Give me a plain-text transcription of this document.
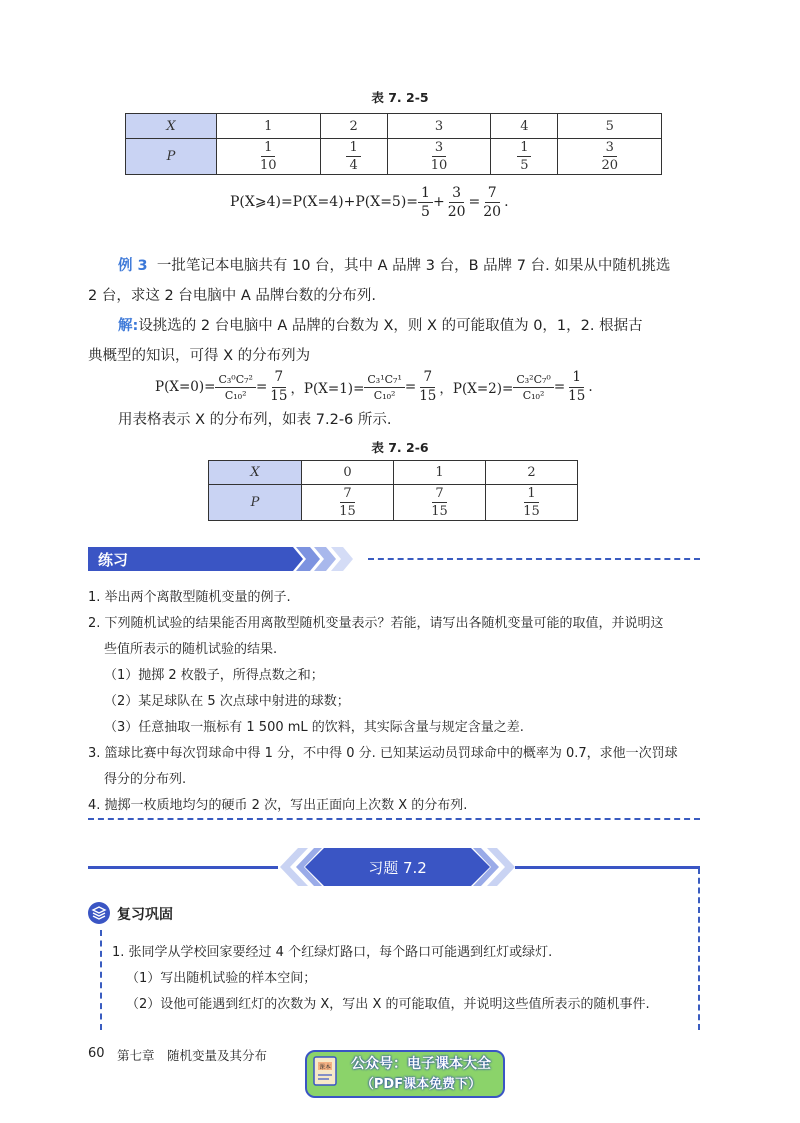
表 7. 2-5
X	1	2	3	4	5
P	$\frac{1}{10}$	$\frac{1}{4}$	$\frac{3}{10}$	$\frac{1}{5}$	$\frac{3}{20}$
P(X⩾4)=P(X=4)+P(X=5)= $\frac{1}{5} + \frac{3}{20} = \frac{7}{20}$ .
例 3 一批笔记本电脑共有 10 台，其中 A 品牌 3 台，B 品牌 7 台. 如果从中随机挑选
2 台，求这 2 台电脑中 A 品牌台数的分布列.
解:设挑选的 2 台电脑中 A 品牌的台数为 X，则 X 的可能取值为 0，1，2. 根据古
典概型的知识，可得 X 的分布列为
$P(X=0)= \frac{\text{C₃⁰C₇²}}{\text{C₁₀²}} = \frac{7}{15}$ ，$P(X=1)= \frac{\text{C₃¹C₇¹}}{\text{C₁₀²}} = \frac{7}{15}$ ，$P(X=2)= \frac{\text{C₃²C₇⁰}}{\text{C₁₀²}} = \frac{1}{15}$ .
用表格表示 X 的分布列，如表 7.2-6 所示.
表 7. 2-6
X	0	1	2
P	$\frac{7}{15}$	$\frac{7}{15}$	$\frac{1}{15}$
练习
1. 举出两个离散型随机变量的例子.
2. 下列随机试验的结果能否用离散型随机变量表示？若能，请写出各随机变量可能的取值，并说明这
些值所表示的随机试验的结果.
（1）抛掷 2 枚骰子，所得点数之和；
（2）某足球队在 5 次点球中射进的球数；
（3）任意抽取一瓶标有 1 500 mL 的饮料，其实际含量与规定含量之差.
3. 篮球比赛中每次罚球命中得 1 分，不中得 0 分. 已知某运动员罚球命中的概率为 0.7，求他一次罚球
得分的分布列.
4. 抛掷一枚质地均匀的硬币 2 次，写出正面向上次数 X 的分布列.
习题 7.2
复习巩固
1. 张同学从学校回家要经过 4 个红绿灯路口，每个路口可能遇到红灯或绿灯.
（1）写出随机试验的样本空间；
（2）设他可能遇到红灯的次数为 X，写出 X 的可能取值，并说明这些值所表示的随机事件.
60 第七章　随机变量及其分布
课本	公众号：电子课本大全
（PDF课本免费下）
